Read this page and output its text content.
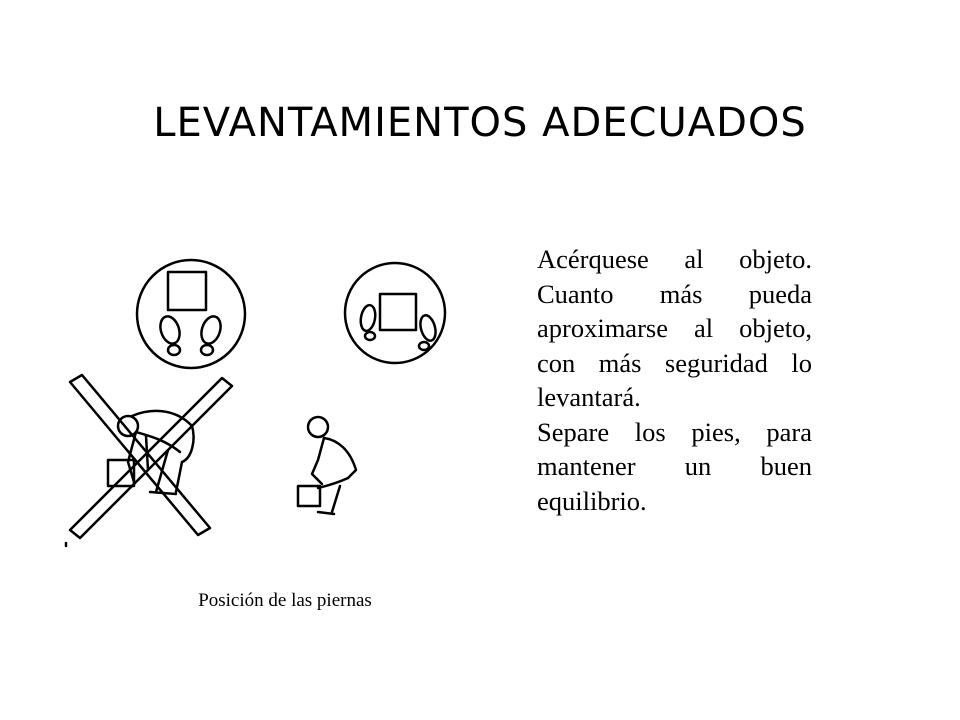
LEVANTAMIENTOS ADECUADOS

Acérquese al objeto. Cuanto más pueda aproximarse al objeto, con más seguridad lo levantará.

Separe los pies, para mantener un buen equilibrio.

Posición de las piernas
